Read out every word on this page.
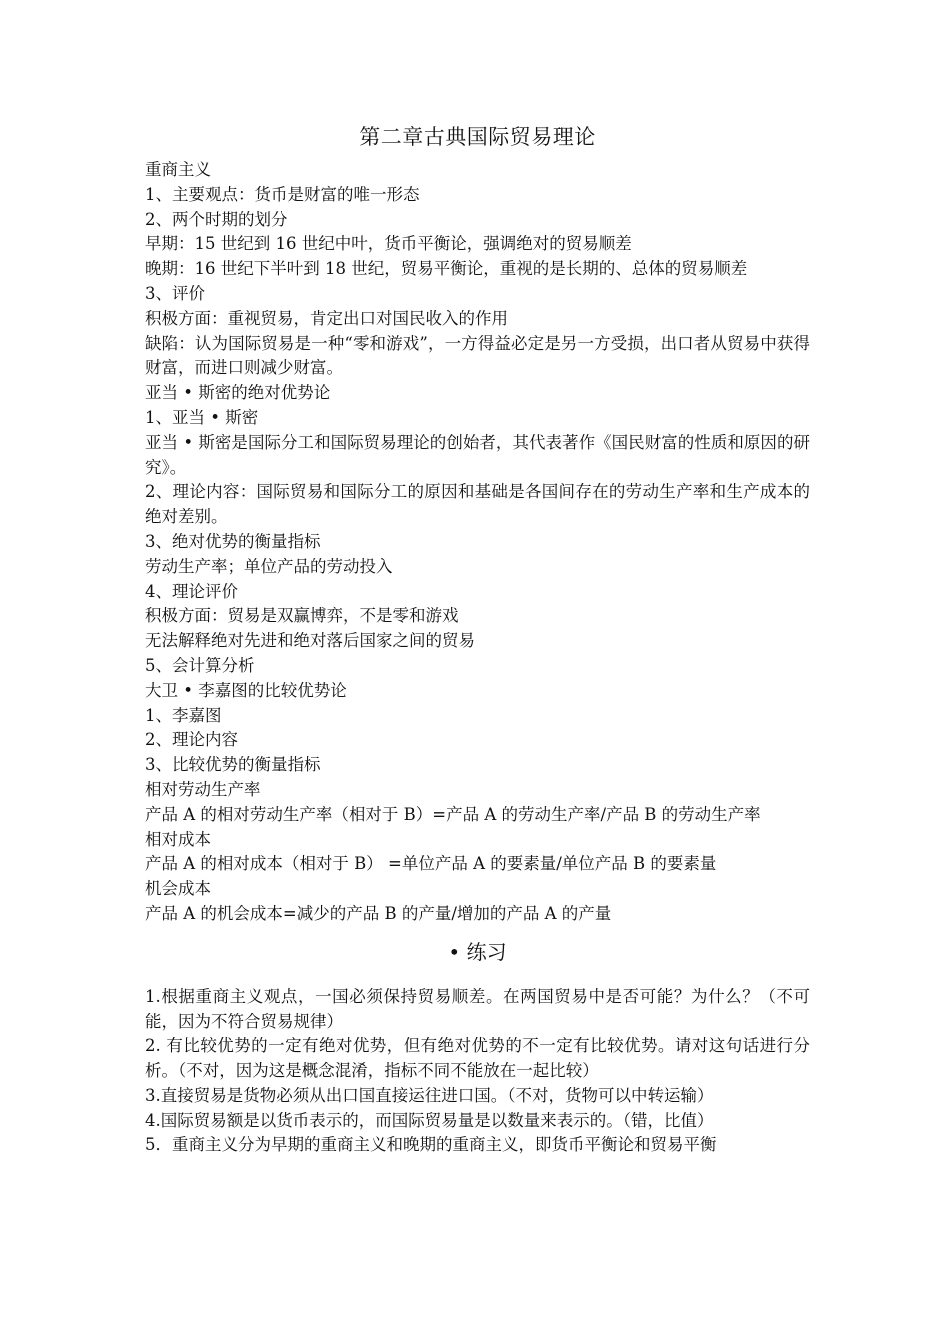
第二章古典国际贸易理论

重商主义

1、主要观点：货币是财富的唯一形态

2、两个时期的划分

早期：15 世纪到 16 世纪中叶，货币平衡论，强调绝对的贸易顺差

晚期：16 世纪下半叶到 18 世纪，贸易平衡论，重视的是长期的、总体的贸易顺差

3、评价

积极方面：重视贸易，肯定出口对国民收入的作用

缺陷：认为国际贸易是一种“零和游戏”，一方得益必定是另一方受损，出口者从贸易中获得财富，而进口则减少财富。

亚当 • 斯密的绝对优势论

1、亚当 • 斯密

亚当 • 斯密是国际分工和国际贸易理论的创始者，其代表著作《国民财富的性质和原因的研究》。

2、理论内容：国际贸易和国际分工的原因和基础是各国间存在的劳动生产率和生产成本的绝对差别。

3、绝对优势的衡量指标

劳动生产率；单位产品的劳动投入

4、理论评价

积极方面：贸易是双赢博弈，不是零和游戏

无法解释绝对先进和绝对落后国家之间的贸易

5、会计算分析

大卫 • 李嘉图的比较优势论

1、李嘉图

2、理论内容

3、比较优势的衡量指标

相对劳动生产率

产品 A 的相对劳动生产率（相对于 B）=产品 A 的劳动生产率/产品 B 的劳动生产率

相对成本

产品 A 的相对成本（相对于 B） =单位产品 A 的要素量/单位产品 B 的要素量

机会成本

产品 A 的机会成本=减少的产品 B 的产量/增加的产品 A 的产量

• 练习

1.根据重商主义观点，一国必须保持贸易顺差。在两国贸易中是否可能？为什么？（不可能，因为不符合贸易规律）

2. 有比较优势的一定有绝对优势，但有绝对优势的不一定有比较优势。请对这句话进行分析。（不对，因为这是概念混淆，指标不同不能放在一起比较）

3.直接贸易是货物必须从出口国直接运往进口国。（不对，货物可以中转运输）

4.国际贸易额是以货币表示的，而国际贸易量是以数量来表示的。（错，比值）

5．重商主义分为早期的重商主义和晚期的重商主义，即货币平衡论和贸易平衡
